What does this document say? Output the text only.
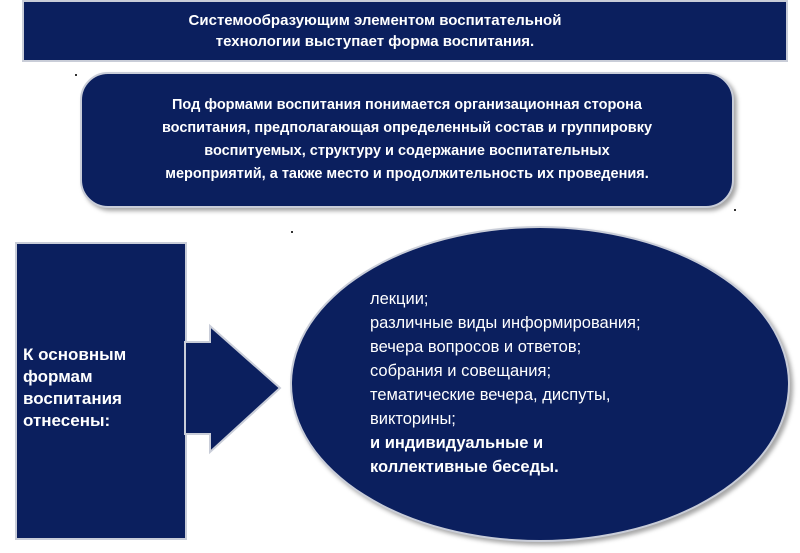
Системообразующим элементом воспитательной
технологии выступает форма воспитания.
Под формами воспитания понимается организационная сторона
воспитания, предполагающая определенный состав и группировку
воспитуемых, структуру и содержание воспитательных
мероприятий, а также место и продолжительность их проведения.
К основным
формам
воспитания
отнесены:
лекции;
различные виды информирования;
вечера вопросов и ответов;
собрания и совещания;
тематические вечера, диспуты,
викторины;
и индивидуальные и
коллективные беседы.
